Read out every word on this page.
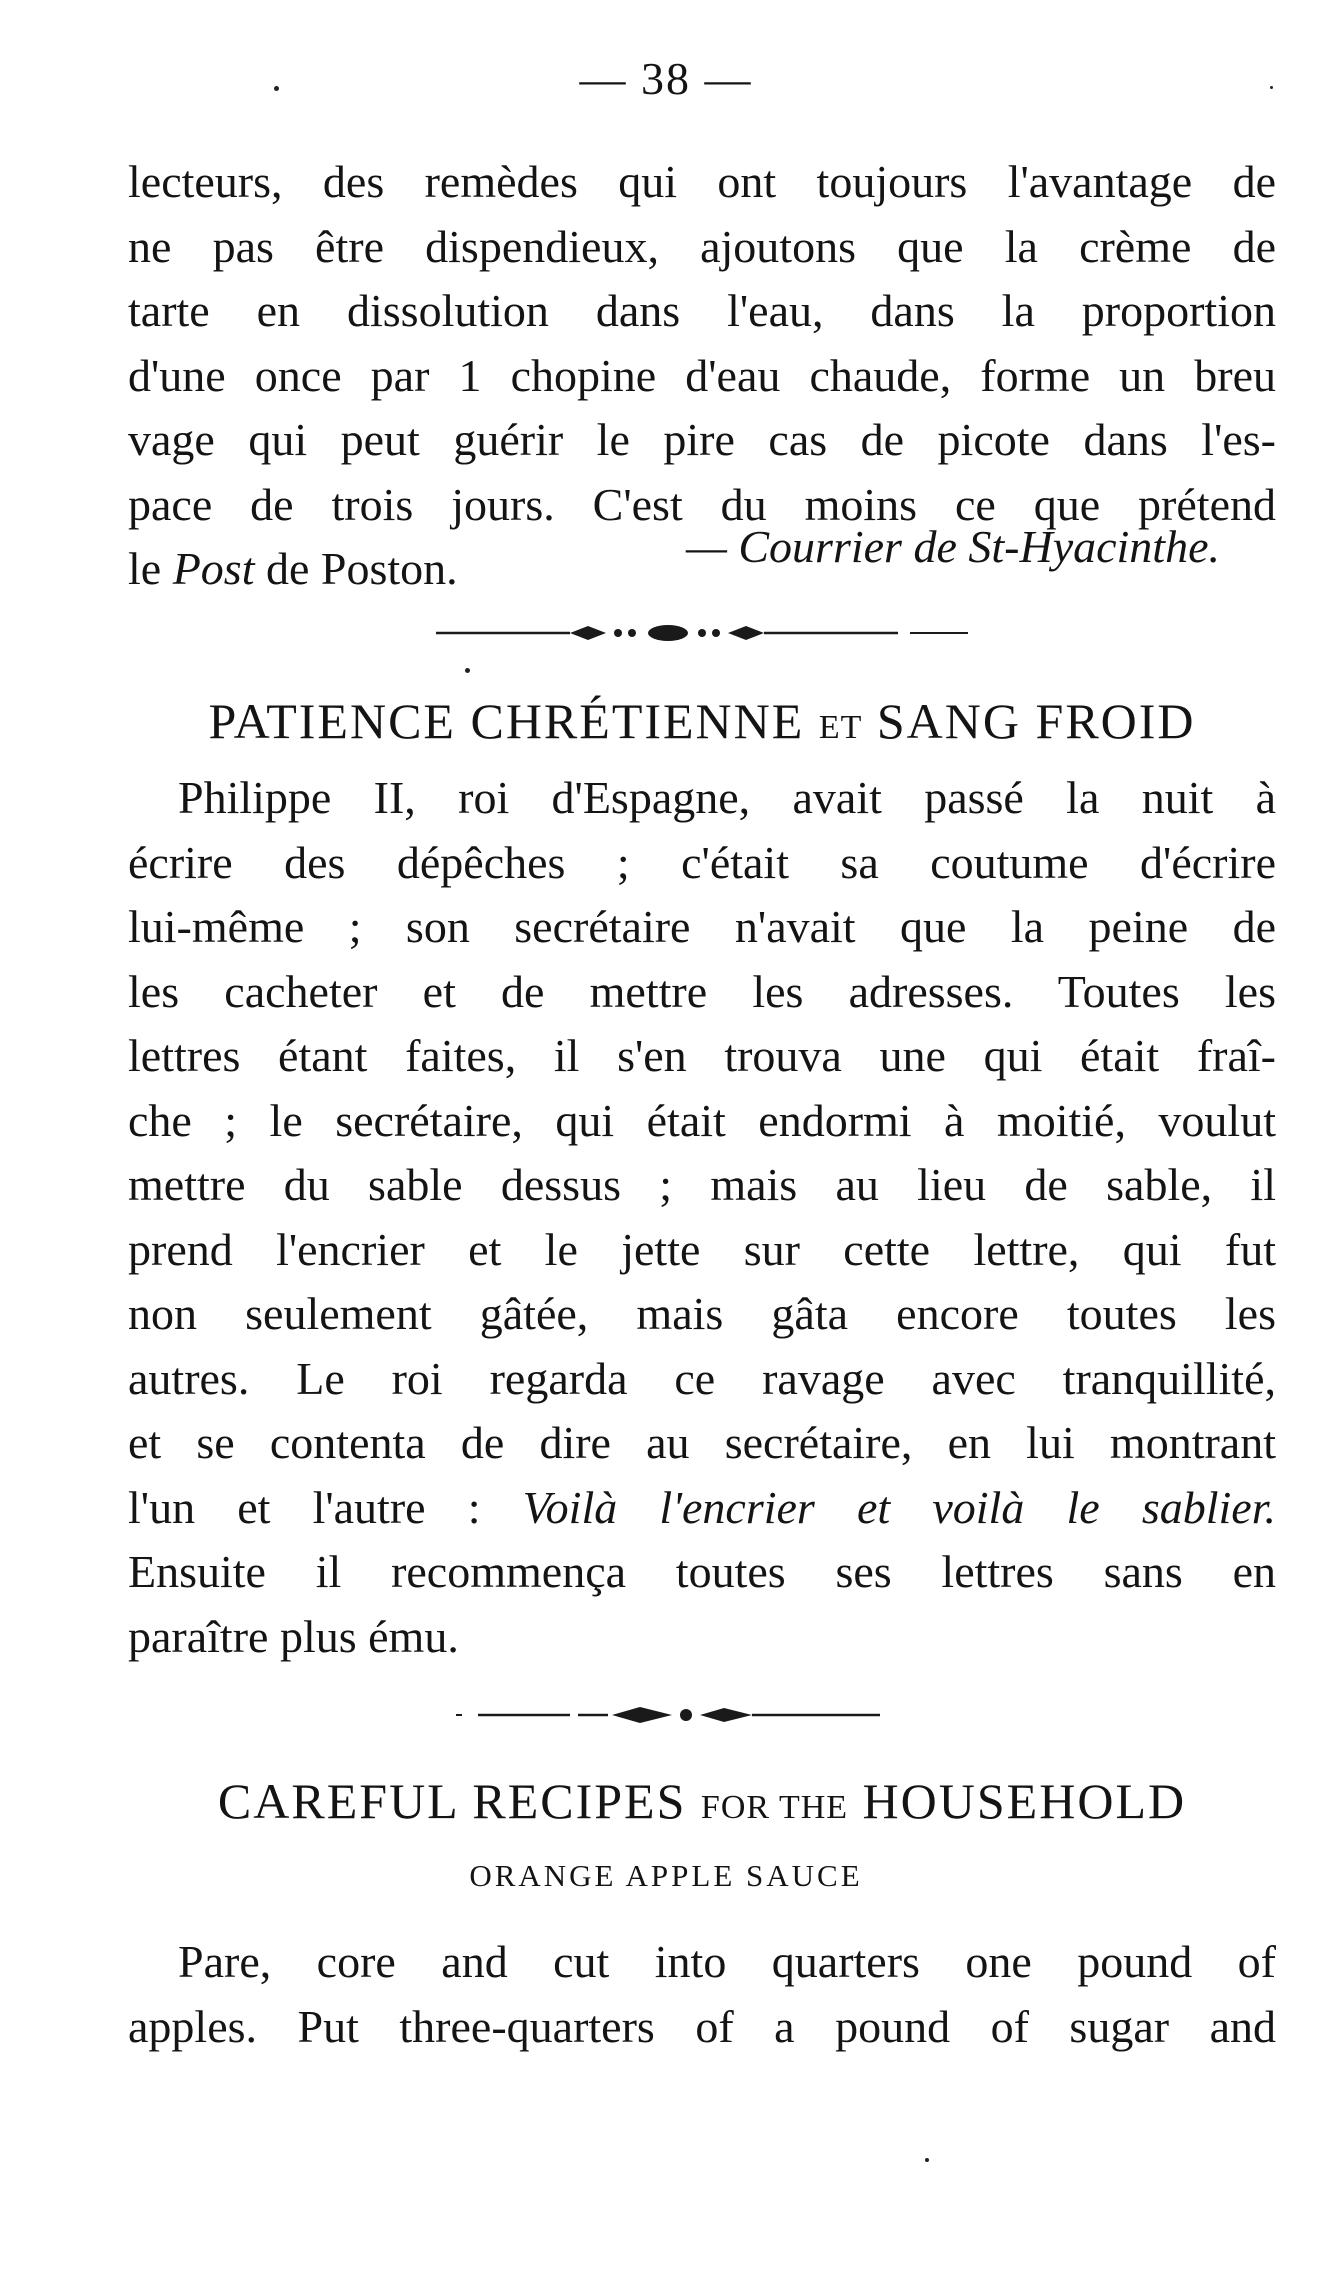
— 38 —
lecteurs, des remèdes qui ont toujours l'avantage de
ne pas être dispendieux, ajoutons que la crème de
tarte en dissolution dans l'eau, dans la proportion
d'une once par 1 chopine d'eau chaude, forme un breu
vage qui peut guérir le pire cas de picote dans l'es-
pace de trois jours. C'est du moins ce que prétend
le Post de Poston.	— Courrier de St-Hyacinthe.
PATIENCE CHRÉTIENNE ET SANG FROID
Philippe II, roi d'Espagne, avait passé la nuit à
écrire des dépêches ; c'était sa coutume d'écrire
lui-même ; son secrétaire n'avait que la peine de
les cacheter et de mettre les adresses. Toutes les
lettres étant faites, il s'en trouva une qui était fraî-
che ; le secrétaire, qui était endormi à moitié, voulut
mettre du sable dessus ; mais au lieu de sable, il
prend l'encrier et le jette sur cette lettre, qui fut
non seulement gâtée, mais gâta encore toutes les
autres. Le roi regarda ce ravage avec tranquillité,
et se contenta de dire au secrétaire, en lui montrant
l'un et l'autre : Voilà l'encrier et voilà le sablier.
Ensuite il recommença toutes ses lettres sans en
paraître plus ému.
CAREFUL RECIPES FOR THE HOUSEHOLD
ORANGE APPLE SAUCE
Pare, core and cut into quarters one pound of
apples. Put three-quarters of a pound of sugar and
